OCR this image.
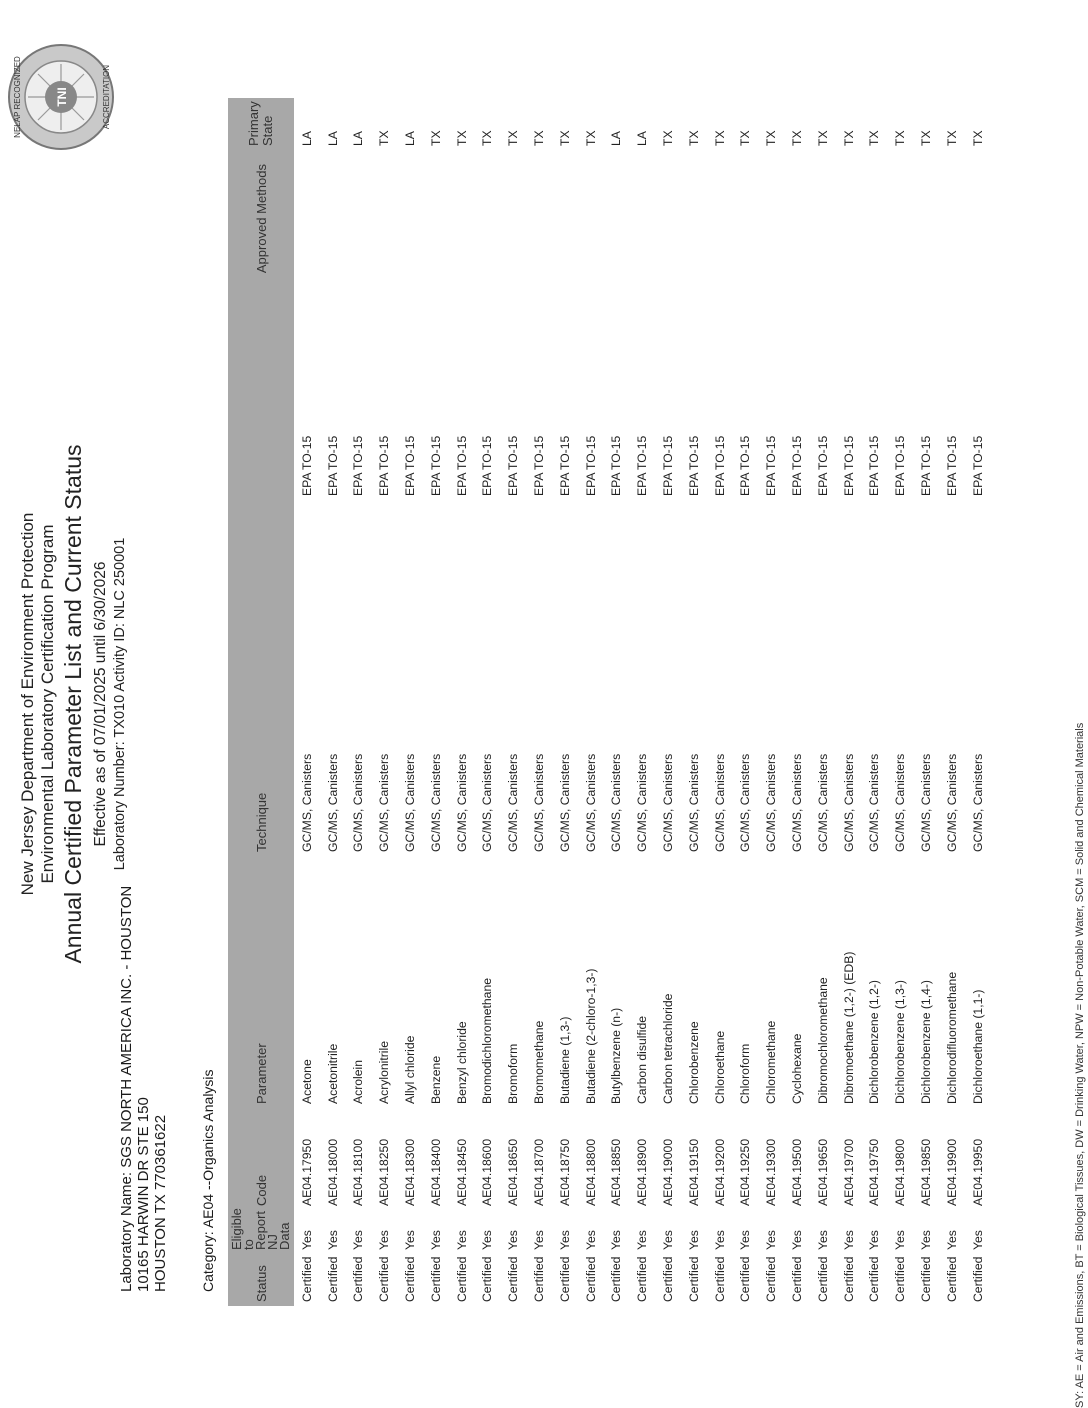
TNI
NELAP RECOGNIZED	ACCREDITATION
New Jersey Department of Environment Protection Environmental Laboratory Certification Program Annual Certified Parameter List and Current Status Effective as of 07/01/2025 until 6/30/2026 Laboratory Number: TX010 Activity ID: NLC 250001
Laboratory Name: SGS NORTH AMERICA INC. - HOUSTON 10165 HARWIN DR STE 150 HOUSTON TX 770361622 Category: AE04 --Organics Analysis	Status
Eligible to Report NJ Data
Code
Parameter
Technique
Approved Methods
Primary State
Certified
Yes
AE04.17950
Acetone
GC/MS, Canisters
EPA TO-15
LA
Certified
Yes
AE04.18000
Acetonitrile
GC/MS, Canisters
EPA TO-15
LA
Certified
Yes
AE04.18100
Acrolein
GC/MS, Canisters
EPA TO-15
LA
Certified
Yes
AE04.18250
Acrylonitrile
GC/MS, Canisters
EPA TO-15
TX
Certified
Yes
AE04.18300
Allyl chloride
GC/MS, Canisters
EPA TO-15
LA
Certified
Yes
AE04.18400
Benzene
GC/MS, Canisters
EPA TO-15
TX
Certified
Yes
AE04.18450
Benzyl chloride
GC/MS, Canisters
EPA TO-15
TX
Certified
Yes
AE04.18600
Bromodichloromethane
GC/MS, Canisters
EPA TO-15
TX
Certified
Yes
AE04.18650
Bromoform
GC/MS, Canisters
EPA TO-15
TX
Certified
Yes
AE04.18700
Bromomethane
GC/MS, Canisters
EPA TO-15
TX
Certified
Yes
AE04.18750
Butadiene (1,3-)
GC/MS, Canisters
EPA TO-15
TX
Certified
Yes
AE04.18800
Butadiene (2-chloro-1,3-)
GC/MS, Canisters
EPA TO-15
TX
Certified
Yes
AE04.18850
Butylbenzene (n-)
GC/MS, Canisters
EPA TO-15
LA
Certified
Yes
AE04.18900
Carbon disulfide
GC/MS, Canisters
EPA TO-15
LA
Certified
Yes
AE04.19000
Carbon tetrachloride
GC/MS, Canisters
EPA TO-15
TX
Certified
Yes
AE04.19150
Chlorobenzene
GC/MS, Canisters
EPA TO-15
TX
Certified
Yes
AE04.19200
Chloroethane
GC/MS, Canisters
EPA TO-15
TX
Certified
Yes
AE04.19250
Chloroform
GC/MS, Canisters
EPA TO-15
TX
Certified
Yes
AE04.19300
Chloromethane
GC/MS, Canisters
EPA TO-15
TX
Certified
Yes
AE04.19500
Cyclohexane
GC/MS, Canisters
EPA TO-15
TX
Certified
Yes
AE04.19650
Dibromochloromethane
GC/MS, Canisters
EPA TO-15
TX
Certified
Yes
AE04.19700
Dibromoethane (1,2-) (EDB)
GC/MS, Canisters
EPA TO-15
TX
Certified
Yes
AE04.19750
Dichlorobenzene (1,2-)
GC/MS, Canisters
EPA TO-15
TX
Certified
Yes
AE04.19800
Dichlorobenzene (1,3-)
GC/MS, Canisters
EPA TO-15
TX
Certified
Yes
AE04.19850
Dichlorobenzene (1,4-)
GC/MS, Canisters
EPA TO-15
TX
Certified
Yes
AE04.19900
Dichlorodifluoromethane
GC/MS, Canisters
EPA TO-15
TX
Certified
Yes
AE04.19950
Dichloroethane (1,1-)
GC/MS, Canisters
EPA TO-15
TX
SY: AE = Air and Emissions, BT = Biological Tissues, DW = Drinking Water, NPW = Non-Potable Water, SCM = Solid and Chemical Materials
